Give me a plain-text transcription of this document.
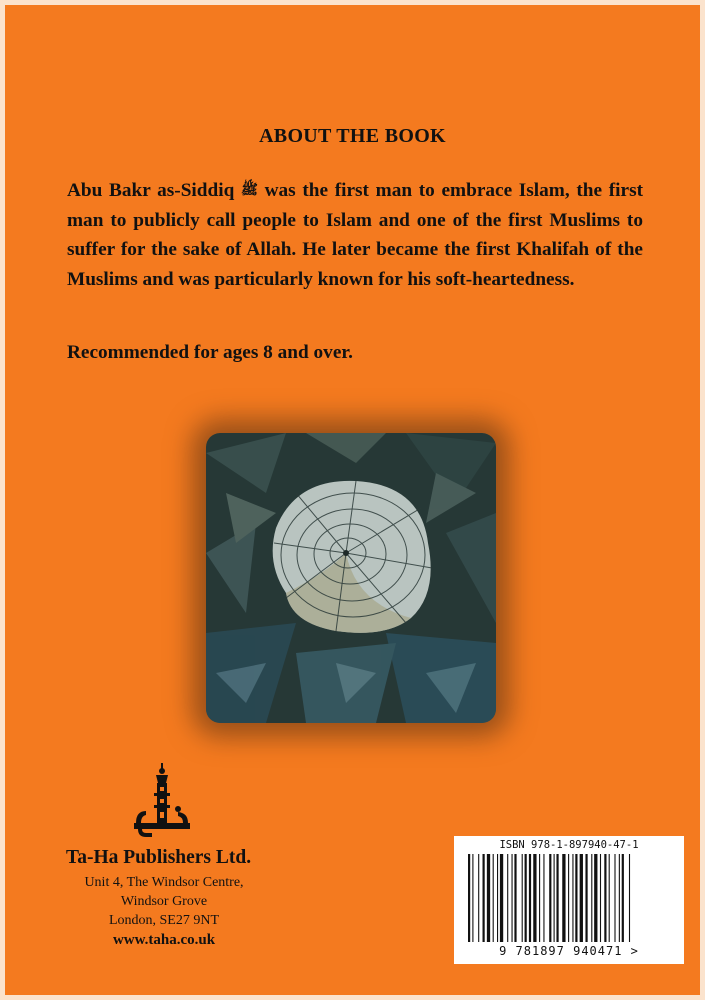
ABOUT THE BOOK
Abu Bakr as-Siddiq ﷺ was the first man to embrace Islam, the first man to publicly call people to Islam and one of the first Muslims to suffer for the sake of Allah. He later became the first Khalifah of the Muslims and was particularly known for his soft-heartedness.
Recommended for ages 8 and over.
Ta-Ha Publishers Ltd.
Unit 4, The Windsor Centre,
Windsor Grove
London, SE27 9NT
www.taha.co.uk
ISBN 978-1-897940-47-1
9 781897 940471 >
